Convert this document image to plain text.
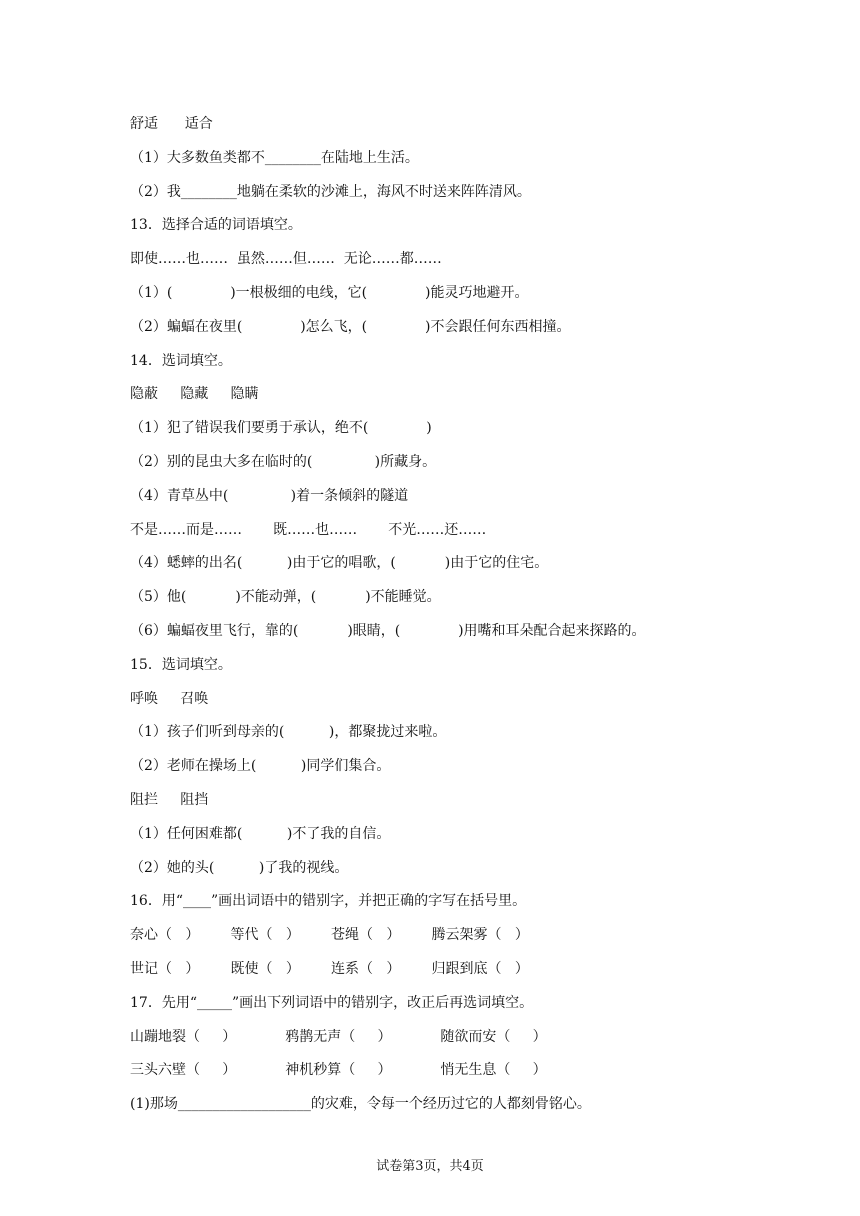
舒适      适合
（1）大多数鱼类都不________在陆地上生活。
（2）我________地躺在柔软的沙滩上，海风不时送来阵阵清风。
13．选择合适的词语填空。
即使……也……  虽然……但……  无论……都……
（1）(             )一根极细的电线，它(             )能灵巧地避开。
（2）蝙蝠在夜里(             )怎么飞，(             )不会跟任何东西相撞。
14．选词填空。
隐蔽     隐藏     隐瞒
（1）犯了错误我们要勇于承认，绝不(             )
（2）别的昆虫大多在临时的(              )所藏身。
（4）青草丛中(              )着一条倾斜的隧道
不是……而是……       既……也……       不光……还……
（4）蟋蟀的出名(          )由于它的唱歌，(           )由于它的住宅。
（5）他(           )不能动弹，(           )不能睡觉。
（6）蝙蝠夜里飞行，靠的(           )眼睛，(             )用嘴和耳朵配合起来探路的。
15．选词填空。
呼唤     召唤
（1）孩子们听到母亲的(          )，都聚拢过来啦。
（2）老师在操场上(          )同学们集合。
阻拦     阻挡
（1）任何困难都(          )不了我的自信。
（2）她的头(          )了我的视线。
16．用“____”画出词语中的错别字，并把正确的字写在括号里。
奈心（   ）       等代（   ）       苍绳（   ）       腾云架雾（   ）
世记（   ）       既使（   ）       连系（   ）       归跟到底（   ）
17．先用“_____”画出下列词语中的错别字，改正后再选词填空。
山蹦地裂（     ）           鸦鹊无声（     ）           随欲而安（     ）
三头六壁（     ）           神机秒算（     ）           悄无生息（     ）
(1)那场___________________的灾难，令每一个经历过它的人都刻骨铭心。
试卷第3页，共4页
